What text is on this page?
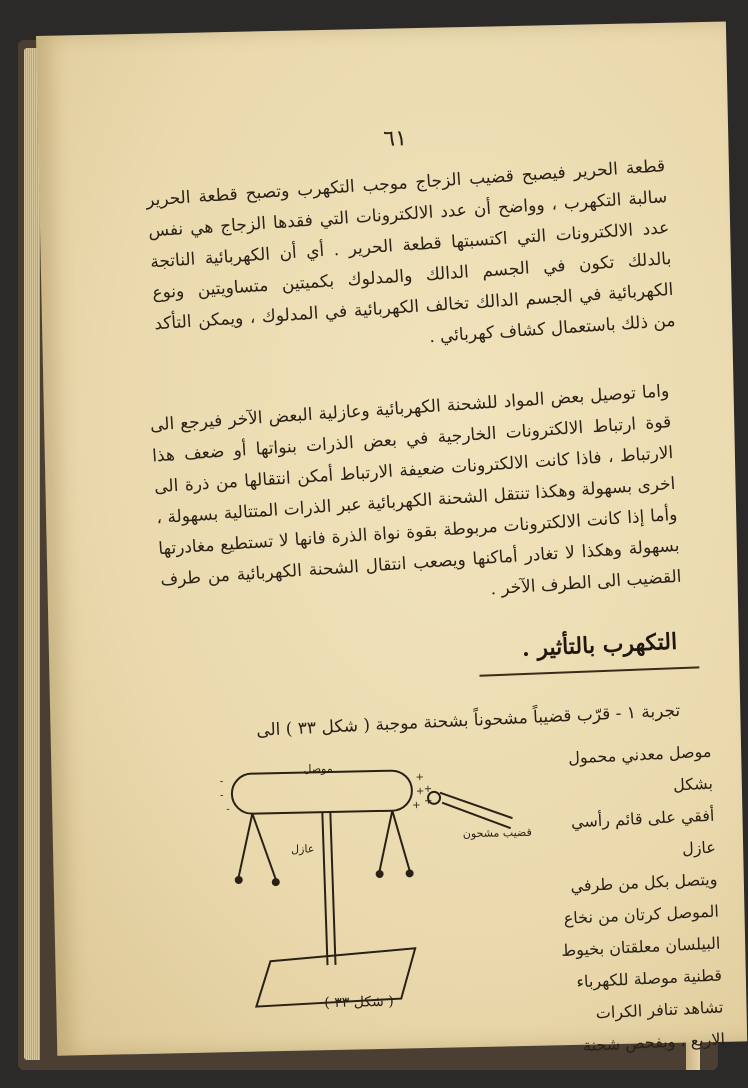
٦١
قطعة الحرير فيصبح قضيب الزجاج موجب التكهرب وتصبح قطعة الحرير سالبة التكهرب ، وواضح أن عدد الالكترونات التي فقدها الزجاج هي نفس عدد الالكترونات التي اكتسبتها قطعة الحرير . أي أن الكهربائية الناتجة بالدلك تكون في الجسم الدالك والمدلوك بكميتين متساويتين ونوع الكهربائية في الجسم الدالك تخالف الكهربائية في المدلوك ، ويمكن التأكد من ذلك باستعمال كشاف كهربائي .
واما توصيل بعض المواد للشحنة الكهربائية وعازلية البعض الآخر فيرجع الى قوة ارتباط الالكترونات الخارجية في بعض الذرات بنواتها أو ضعف هذا الارتباط ، فاذا كانت الالكترونات ضعيفة الارتباط أمكن انتقالها من ذرة الى اخرى بسهولة وهكذا تنتقل الشحنة الكهربائية عبر الذرات المتتالية بسهولة ، وأما إذا كانت الالكترونات مربوطة بقوة نواة الذرة فانها لا تستطيع مغادرتها بسهولة وهكذا لا تغادر أماكنها ويصعب انتقال الشحنة الكهربائية من طرف القضيب الى الطرف الآخر .
التكهرب بالتأثير .
تجربة ١ - قرّب قضيباً مشحوناً بشحنة موجبة ( شكل ٣٣ ) الى
موصل معدني محمول بشكل
أفقي على قائم رأسي عازل
ويتصل بكل من طرفي
الموصل كرتان من نخاع
البيلسان معلقتان بخيوط
قطنية موصلة للكهرباء
تشاهد تنافر الكرات
الاربع ، وبفحص شحنة
-
-
-
+
+
+
+
+
موصل
عازل
قضيب مشحون
( شكل ٣٣ )
